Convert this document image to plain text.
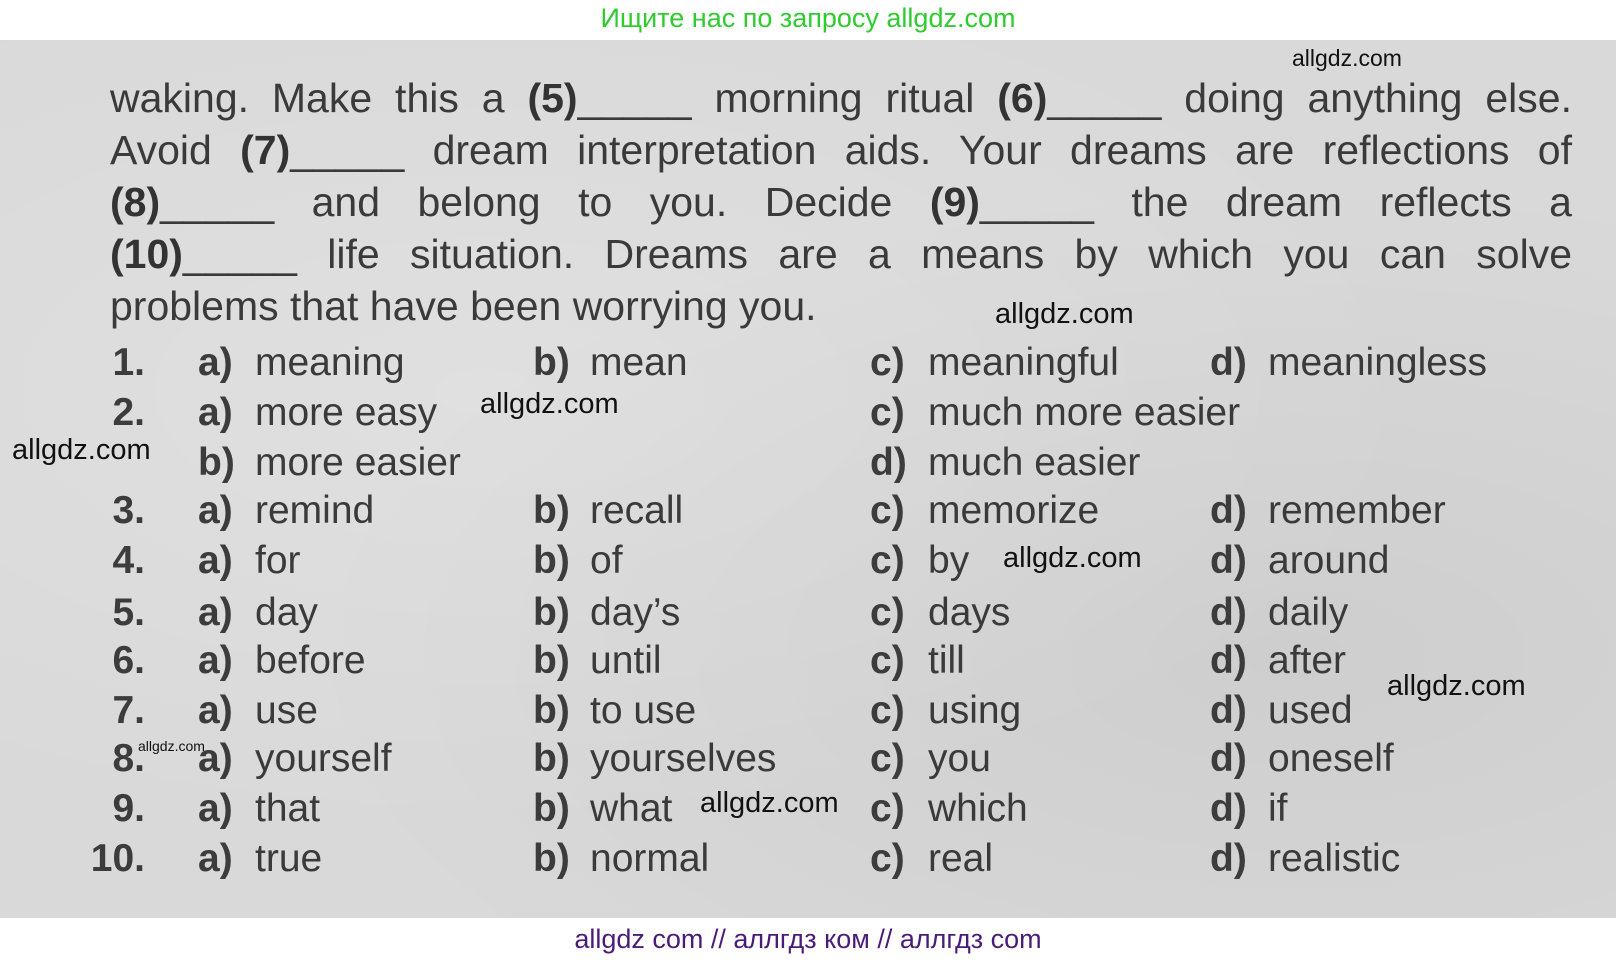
Ищите нас по запросу allgdz.com
waking. Make this a (5)_____ morning ritual (6)_____ doing anything else.
Avoid (7)_____ dream interpretation aids. Your dreams are reflections of
(8)_____ and belong to you. Decide (9)_____ the dream reflects a
(10)_____ life situation. Dreams are a means by which you can solve
problems that have been worrying you.
1. a) meaning	b) mean	c) meaningful d) meaningless
2. a) more easy
b) more easier
c) much more easier
d) much easier
3. a) remind	b) recall	c) memorize	d) remember
4. a) for	b) of	c) by	d) around
5. a) day	b) day’s	c) days	d) daily
6. a) before	b) until	c) till	d) after
7. a) use	b) to use	c) using	d) used
8. a) yourself	b) yourselves c) you	d) oneself
9. a) that	b) what	c) which	d) if
10. a) true	b) normal	c) real	d) realistic
allgdz.com
allgdz.com
allgdz.com
allgdz.com
allgdz.com
allgdz.com
allgdz.com
allgdz.com
allgdz com // аллгдз ком // аллгдз com
